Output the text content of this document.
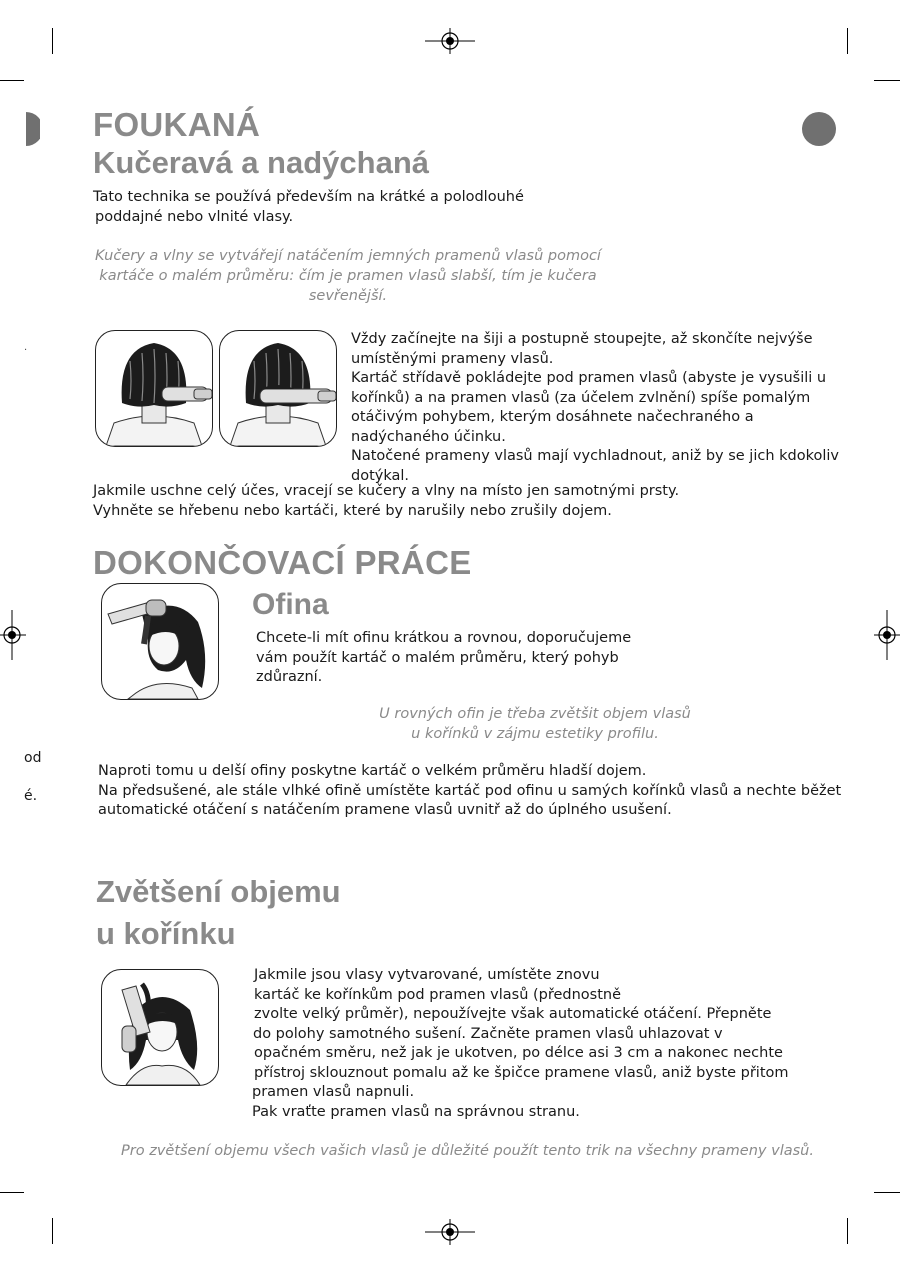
.
od
é.
FOUKANÁ
Kučeravá a nadýchaná

Tato technika se používá především na krátké a polodlouhé

poddajné nebo vlnité vlasy.

Kučery a vlny se vytvářejí natáčením jemných pramenů vlasů pomocí
kartáče o malém průměru: čím je pramen vlasů slabší, tím je kučera
sevřenější.

Vždy začínejte na šiji a postupně stoupejte, až skončíte nejvýše

umístěnými prameny vlasů.

Kartáč střídavě pokládejte pod pramen vlasů (abyste je vysušili u

kořínků) a na pramen vlasů (za účelem zvlnění) spíše pomalým

otáčivým pohybem, kterým dosáhnete načechraného a

nadýchaného účinku.

Natočené prameny vlasů mají vychladnout, aniž by se jich kdokoliv

dotýkal.

Jakmile uschne celý účes, vracejí se kučery a vlny na místo jen samotnými prsty.

Vyhněte se hřebenu nebo kartáči, které by narušily nebo zrušily dojem.

DOKONČOVACÍ PRÁCE
Ofina

Chcete-li mít ofinu krátkou a rovnou, doporučujeme

vám použít kartáč o malém průměru, který pohyb

zdůrazní.

U rovných ofin je třeba zvětšit objem vlasů
u kořínků v zájmu estetiky profilu.

Naproti tomu u delší ofiny poskytne kartáč o velkém průměru hladší dojem.

Na předsušené, ale stále vlhké ofině umístěte kartáč pod ofinu u samých kořínků vlasů a nechte běžet

automatické otáčení s natáčením pramene vlasů uvnitř až do úplného usušení.

Zvětšení objemu
u kořínku

Jakmile jsou vlasy vytvarované, umístěte znovu

kartáč ke kořínkům pod pramen vlasů (přednostně

zvolte velký průměr), nepoužívejte však automatické otáčení. Přepněte

do polohy samotného sušení. Začněte pramen vlasů uhlazovat v

opačném směru, než jak je ukotven, po délce asi 3 cm a nakonec nechte

přístroj sklouznout pomalu až ke špičce pramene vlasů, aniž byste přitom

pramen vlasů napnuli.

Pak vraťte pramen vlasů na správnou stranu.

Pro zvětšení objemu všech vašich vlasů je důležité použít tento trik na všechny prameny vlasů.
